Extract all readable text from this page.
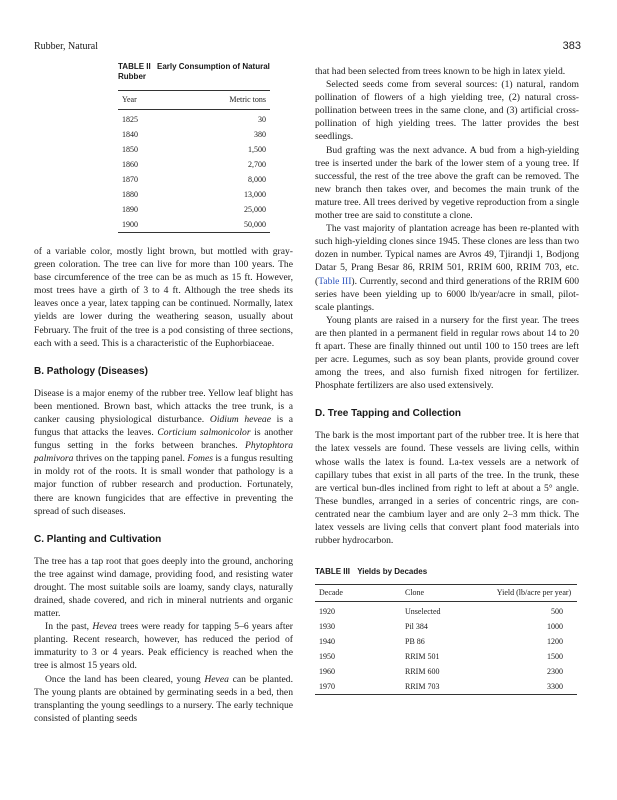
Rubber, Natural	383
TABLE II Early Consumption of Natural Rubber
Year	Metric tons

1825	30
1840	380
1850	1,500
1860	2,700
1870	8,000
1880	13,000
1890	25,000
1900	50,000

of a variable color, mostly light brown, but mottled with gray-green coloration. The tree can live for more than 100 years. The base circumference of the tree can be as much as 15 ft. However, most trees have a girth of 3 to 4 ft. Although the tree sheds its leaves once a year, latex tapping can be continued. Normally, latex yields are lower during the weathering season, usually about February. The fruit of the tree is a pod consisting of three sections, each with a seed. This is a characteristic of the Euphorbiaceae.

B. Pathology (Diseases)

Disease is a major enemy of the rubber tree. Yellow leaf blight has been mentioned. Brown bast, which attacks the tree trunk, is a canker causing physiological disturbance. Oidium heveae is a fungus that attacks the leaves. Corticium salmonicolor is another fungus setting in the forks between branches. Phytophtora palmivora thrives on the tapping panel. Fomes is a fungus resulting in moldy rot of the roots. It is small wonder that pathology is a major function of rubber research and production. Fortunately, there are known fungicides that are effective in preventing the spread of such diseases.

C. Planting and Cultivation

The tree has a tap root that goes deeply into the ground, anchoring the tree against wind damage, providing food, and resisting water drought. The most suitable soils are loamy, sandy clays, naturally drained, shade covered, and rich in mineral nutrients and organic matter.

In the past, Hevea trees were ready for tapping 5–6 years after planting. Recent research, however, has reduced the period of immaturity to 3 or 4 years. Peak efficiency is reached when the tree is almost 15 years old.

Once the land has been cleared, young Hevea can be planted. The young plants are obtained by germinating seeds in a bed, then transplanting the young seedlings to a nursery. The early technique consisted of planting seeds

that had been selected from trees known to be high in latex yield.

Selected seeds come from several sources: (1) natural, random pollination of flowers of a high yielding tree, (2) natural cross-pollination between trees in the same clone, and (3) artificial cross-pollination of high yielding trees. The latter provides the best seedlings.

Bud grafting was the next advance. A bud from a high-yielding tree is inserted under the bark of the lower stem of a young tree. If successful, the rest of the tree above the graft can be removed. The new branch then takes over, and becomes the main trunk of the mature tree. All trees derived by vegetive reproduction from a single mother tree are said to constitute a clone.

The vast majority of plantation acreage has been re-planted with such high-yielding clones since 1945. These clones are less than two dozen in number. Typical names are Avros 49, Tjirandji 1, Bodjong Datar 5, Prang Besar 86, RRIM 501, RRIM 600, RRIM 703, etc. (Table III). Currently, second and third generations of the RRIM 600 series have been yielding up to 6000 lb/year/acre in small, pilot-scale plantings.

Young plants are raised in a nursery for the first year. The trees are then planted in a permanent field in regular rows about 14 to 20 ft apart. These are finally thinned out until 100 to 150 trees are left per acre. Legumes, such as soy bean plants, provide ground cover among the trees, and also furnish fixed nitrogen for fertilizer. Phosphate fertilizers are also used extensively.

D. Tree Tapping and Collection

The bark is the most important part of the rubber tree. It is here that the latex vessels are found. These vessels are living cells, within whose walls the latex is found. La-tex vessels are a network of capillary tubes that exist in all parts of the tree. In the trunk, these are vertical bun-dles inclined from right to left at about a 5° angle. These bundles, arranged in a series of concentric rings, are con-centrated near the cambium layer and are only 2–3 mm thick. The latex vessels are living cells that convert plant food materials into rubber hydrocarbon.

TABLE III Yields by Decades
Decade	Clone	Yield (lb/acre per year)

1920	Unselected	500
1930	Pil 384	1000
1940	PB 86	1200
1950	RRIM 501	1500
1960	RRIM 600	2300
1970	RRIM 703	3300
